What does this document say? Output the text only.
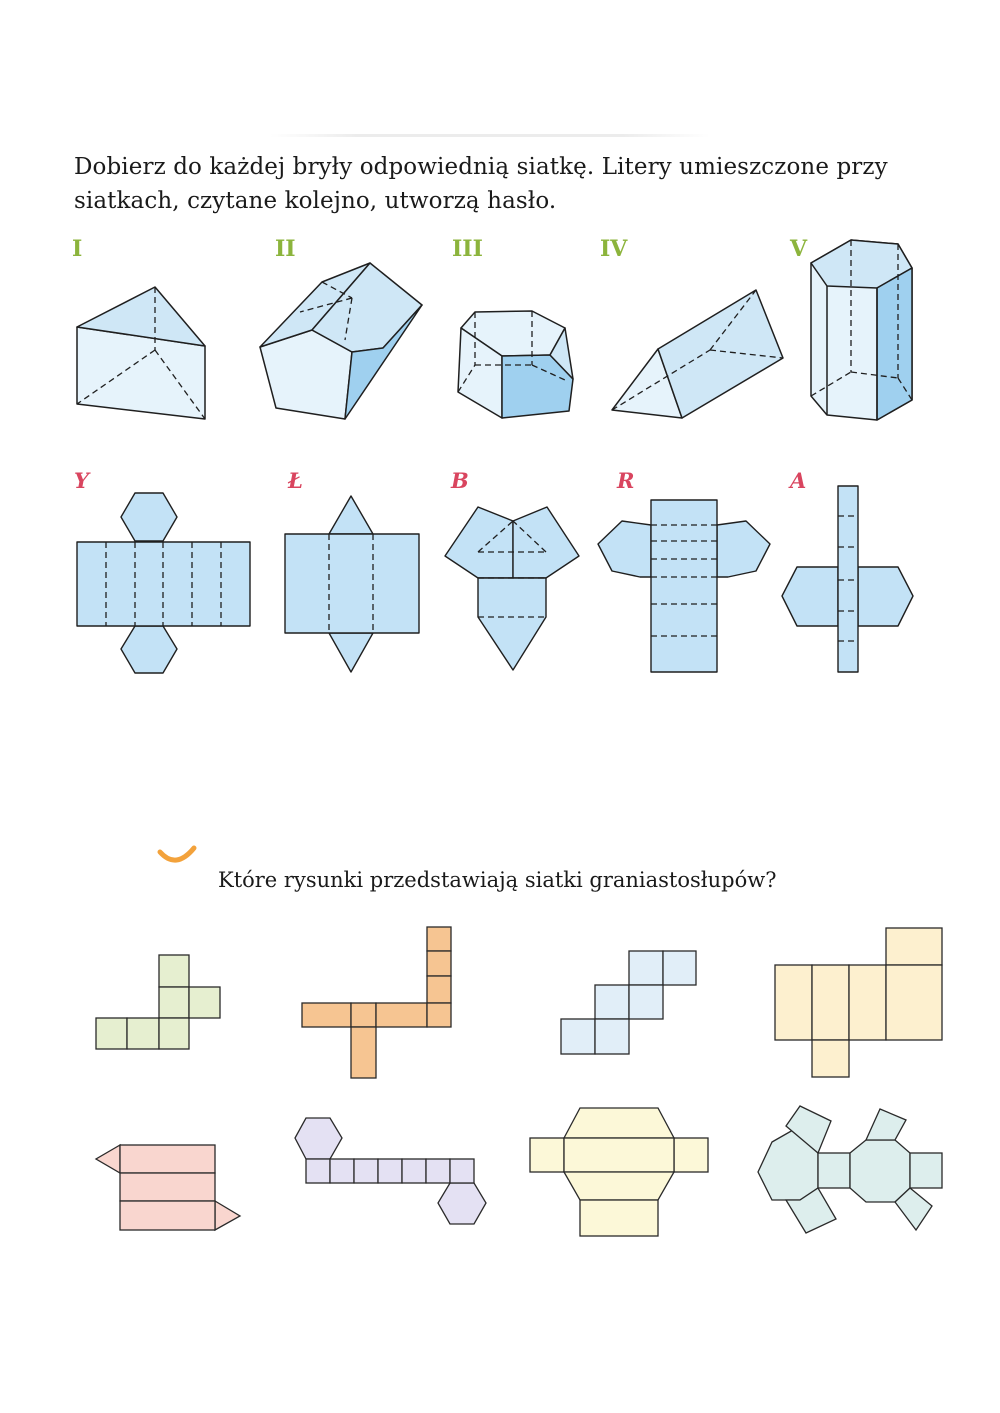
Dobierz do każdej bryły odpowiednią siatkę. Litery umieszczone przy siatkach, czytane kolejno, utworzą hasło.
I	II	III	IV	V
Y	Ł	B	R	A
Które rysunki przedstawiają siatki graniastosłupów?
